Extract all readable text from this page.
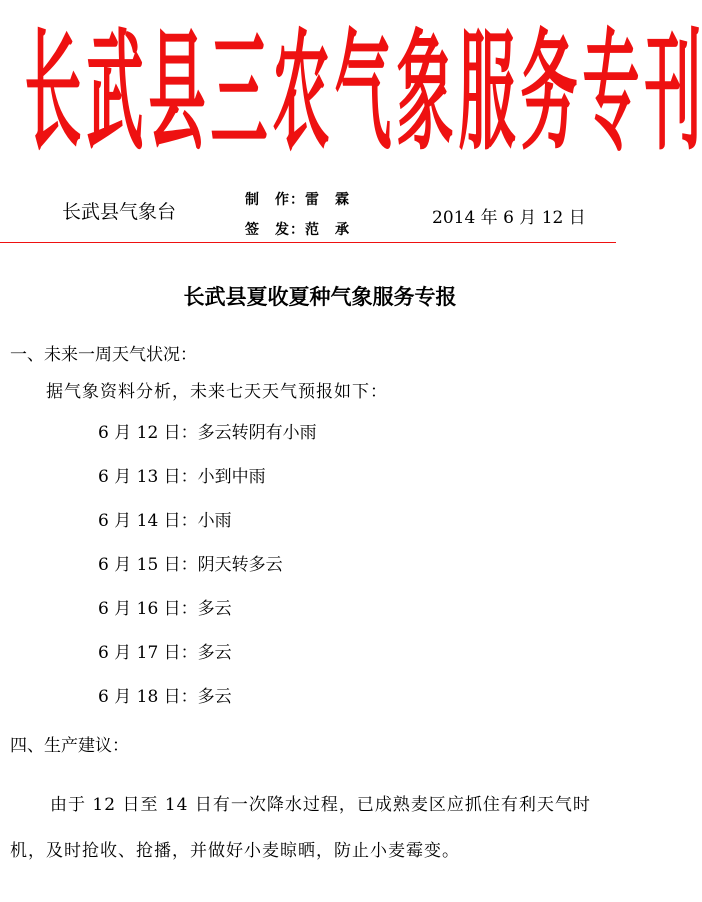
长 武 县 三 农 气 象 服 务 专 刊
长武县气象台
制　作：雷　霖
签　发：范　承
2014 年 6 月 12 日
长武县夏收夏种气象服务专报
一、未来一周天气状况：
据气象资料分析，未来七天天气预报如下：
6 月 12 日：多云转阴有小雨
6 月 13 日：小到中雨
6 月 14 日：小雨
6 月 15 日：阴天转多云
6 月 16 日：多云
6 月 17 日：多云
6 月 18 日：多云
四、生产建议：

由于 12 日至 14 日有一次降水过程，已成熟麦区应抓住有利天气时机，及时抢收、抢播，并做好小麦晾晒，防止小麦霉变。
